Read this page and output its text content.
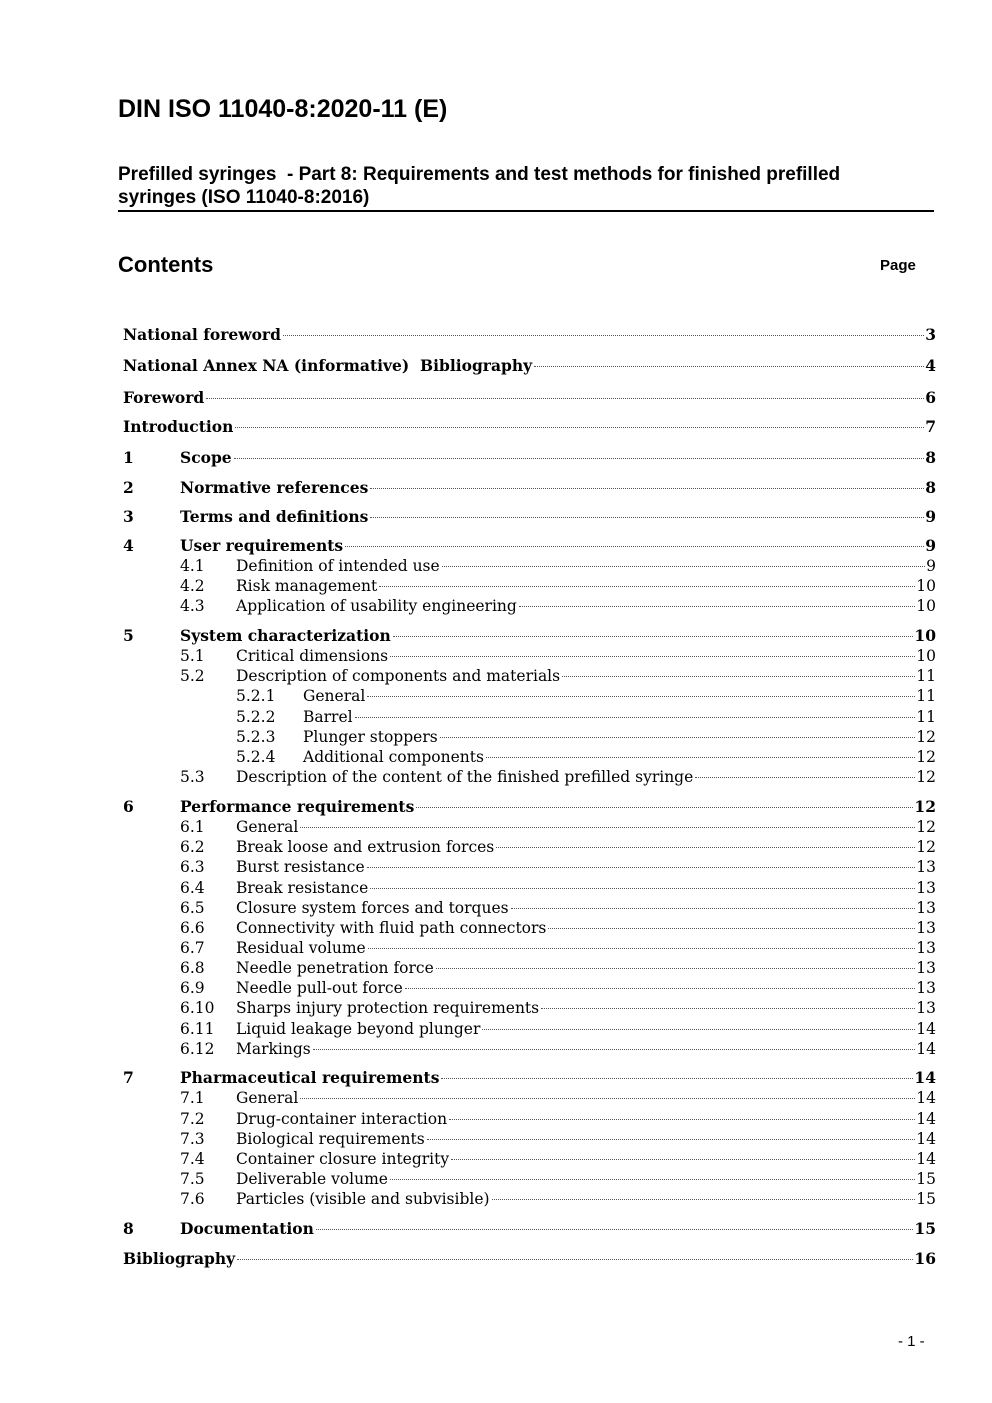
DIN ISO 11040-8:2020-11 (E)

Prefilled syringes  - Part 8: Requirements and test methods for finished prefilled
syringes (ISO 11040-8:2016)

Contents	Page
National foreword	3
National Annex NA (informative)  Bibliography	4
Foreword	6
Introduction	7
1	Scope	8
2	Normative references	8
3	Terms and definitions	9
4	User requirements	9
4.1 Definition of intended use	9
4.2 Risk management	10
4.3 Application of usability engineering	10
5	System characterization	10
5.1 Critical dimensions	10
5.2 Description of components and materials	11
5.2.1 General	11
5.2.2 Barrel	11
5.2.3 Plunger stoppers	12
5.2.4 Additional components	12
5.3 Description of the content of the finished prefilled syringe	12
6	Performance requirements	12
6.1 General	12
6.2 Break loose and extrusion forces	12
6.3 Burst resistance	13
6.4 Break resistance	13
6.5 Closure system forces and torques	13
6.6 Connectivity with fluid path connectors	13
6.7 Residual volume	13
6.8 Needle penetration force	13
6.9 Needle pull-out force	13
6.10 Sharps injury protection requirements	13
6.11 Liquid leakage beyond plunger	14
6.12 Markings	14
7	Pharmaceutical requirements	14
7.1 General	14
7.2 Drug-container interaction	14
7.3 Biological requirements	14
7.4 Container closure integrity	14
7.5 Deliverable volume	15
7.6 Particles (visible and subvisible)	15
8	Documentation	15
Bibliography	16
- 1 -
